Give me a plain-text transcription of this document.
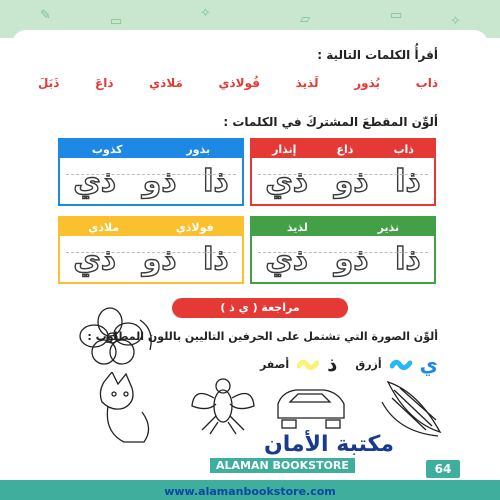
✎	▭
✧	▱	▭	✧
أقرأُ الكلمات التالية :
ذاب
بُذور
لَذيذ
فُولاذي
مَلاذي
ذاعَ
ذَبَلَ
ألوِّن المقطعَ المشتركَ في الكلمات :
ذاب
ذاع
إنذار
ذا
ذو
ذي
بذور
كذوب
ذا
ذو
ذي
نذير
لذيذ
ذا
ذو
ذي
فولاذي
ملاذي
ذا
ذو
ذي
مراجعة ( ي ذ )
ألوِّن الصورة التي تشتمل على الحرفين التاليين باللون المطلوب :
ي
أزرق
ذ
أصفر
مكتبة الأمان
ALAMAN BOOKSTORE	64
www.alamanbookstore.com
